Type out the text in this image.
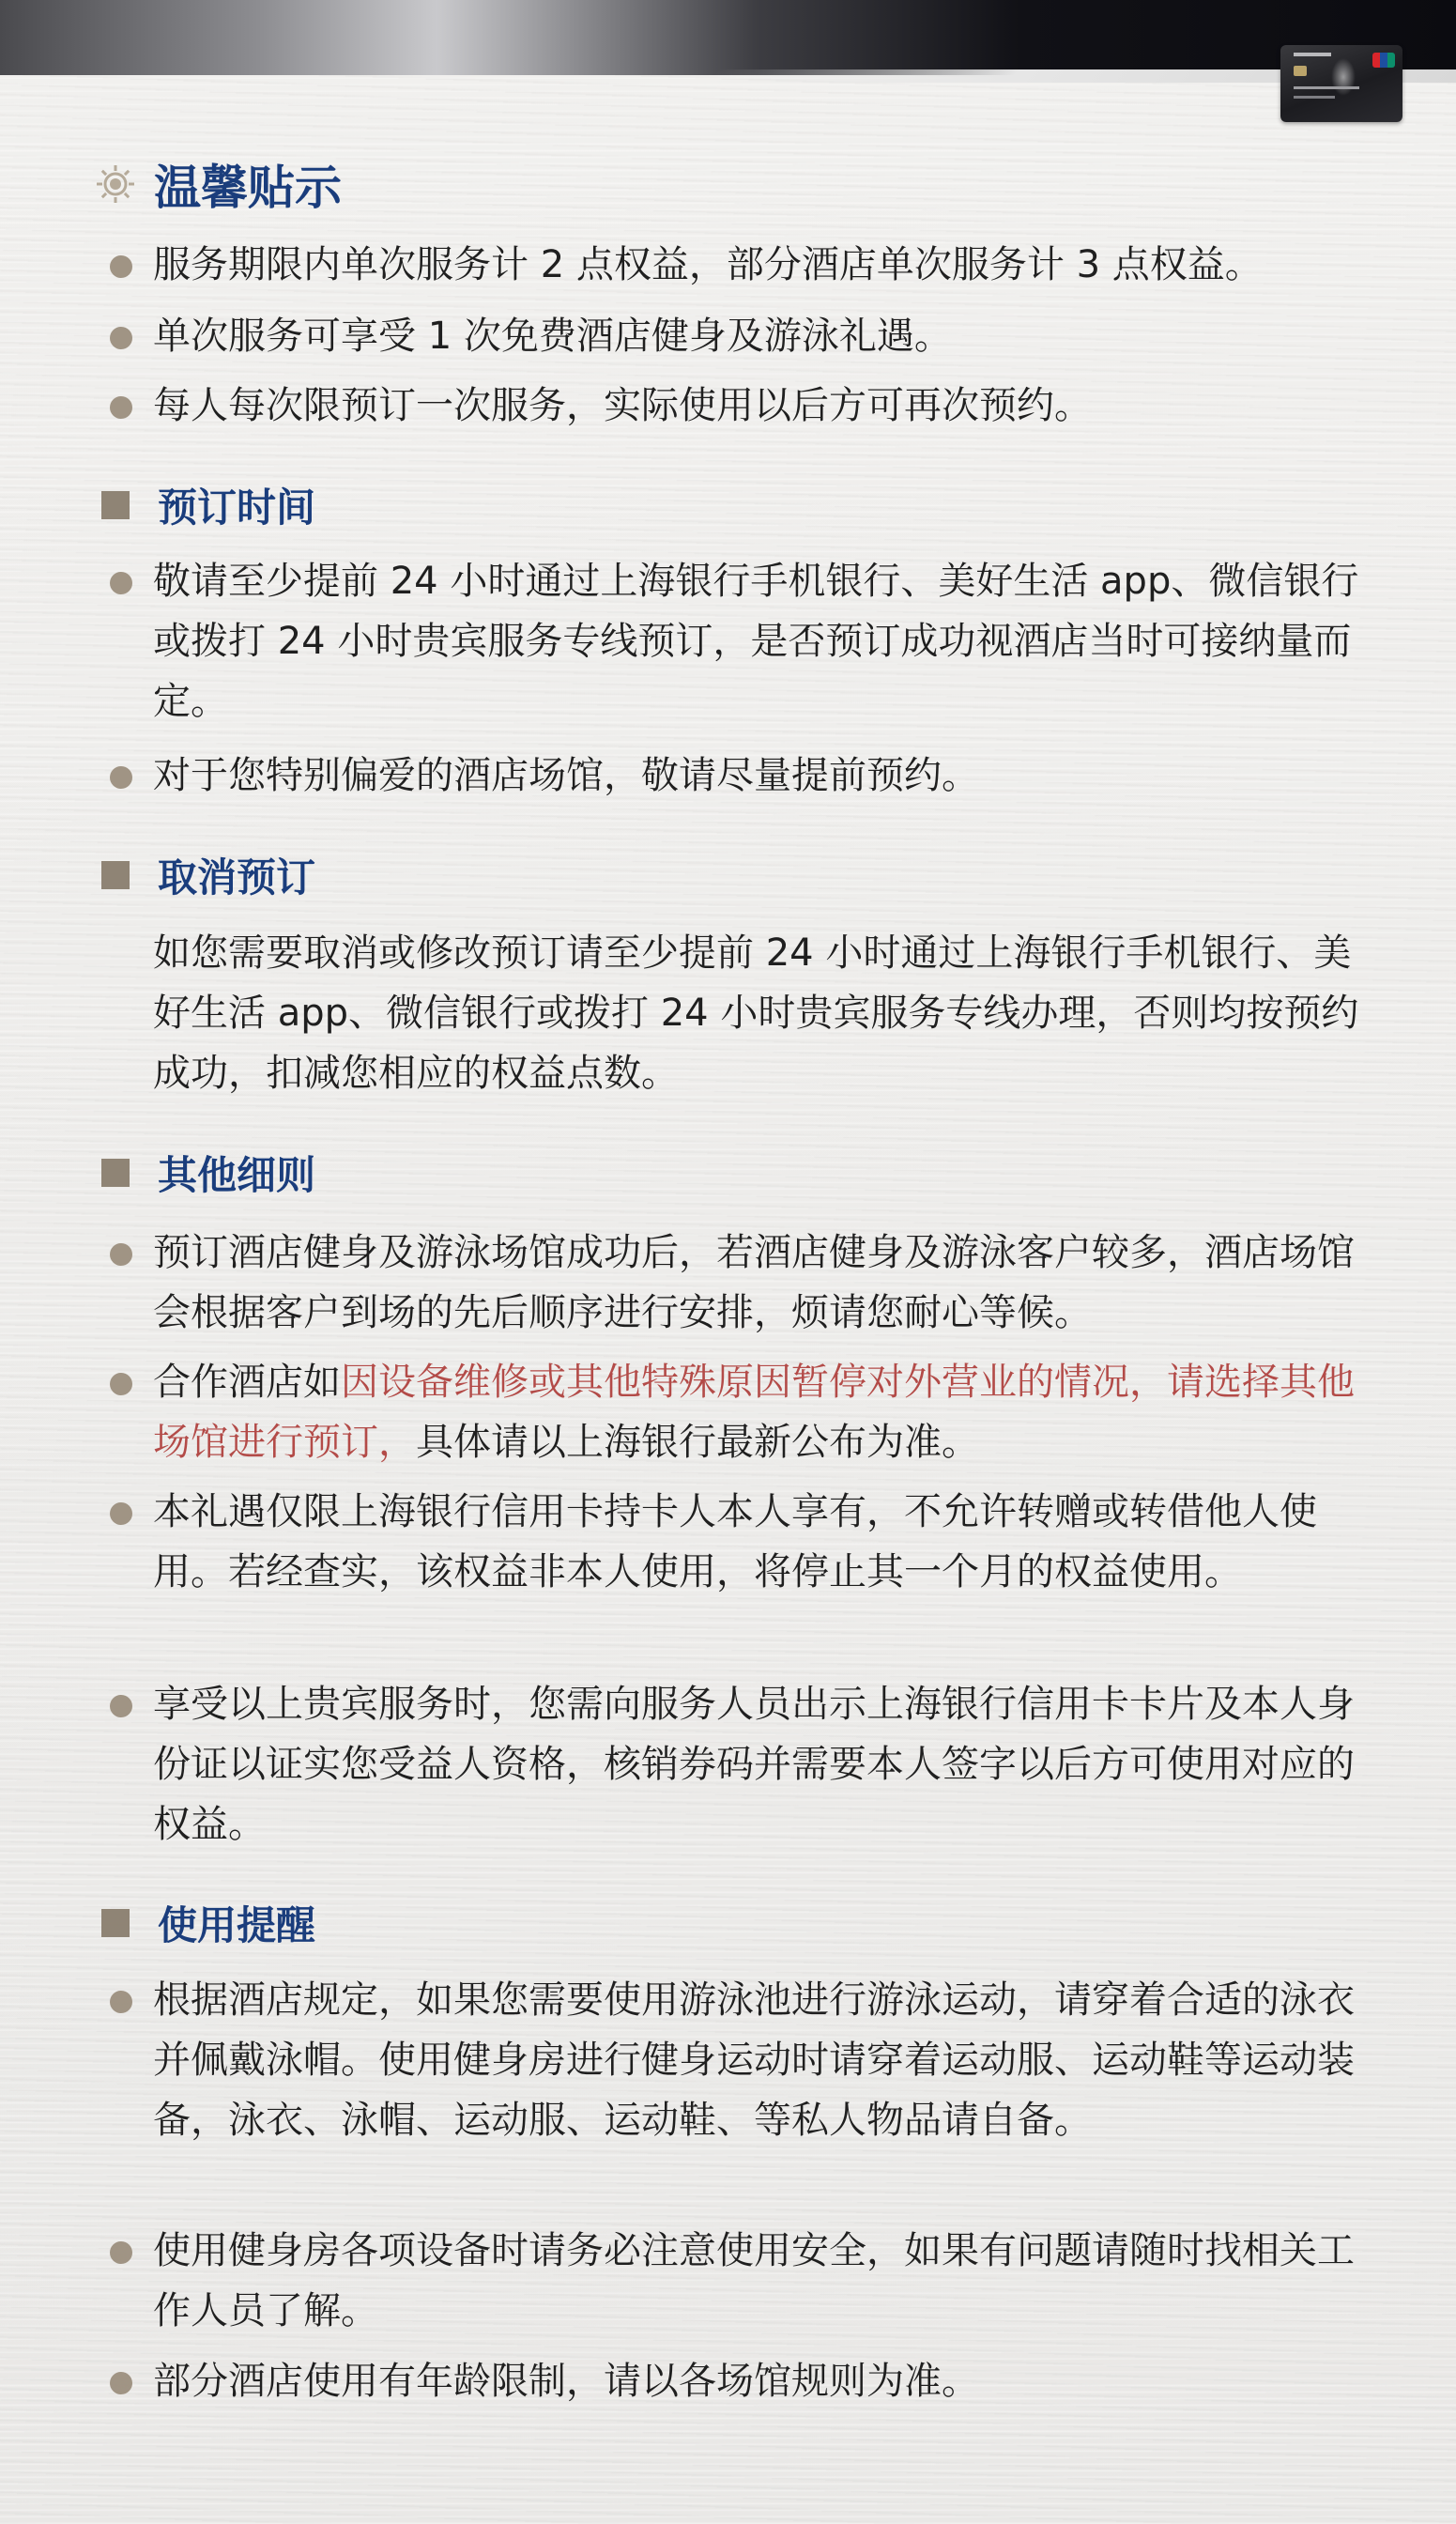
温馨贴示
服务期限内单次服务计 2 点权益，部分酒店单次服务计 3 点权益。
单次服务可享受 1 次免费酒店健身及游泳礼遇。
每人每次限预订一次服务，实际使用以后方可再次预约。
预订时间
敬请至少提前 24 小时通过上海银行手机银行、美好生活 app、微信银行或拨打 24 小时贵宾服务专线预订，是否预订成功视酒店当时可接纳量而定。
对于您特别偏爱的酒店场馆，敬请尽量提前预约。
取消预订
如您需要取消或修改预订请至少提前 24 小时通过上海银行手机银行、美好生活 app、微信银行或拨打 24 小时贵宾服务专线办理，否则均按预约成功，扣减您相应的权益点数。
其他细则
预订酒店健身及游泳场馆成功后，若酒店健身及游泳客户较多，酒店场馆会根据客户到场的先后顺序进行安排，烦请您耐心等候。
合作酒店如因设备维修或其他特殊原因暂停对外营业的情况，请选择其他场馆进行预订，具体请以上海银行最新公布为准。
本礼遇仅限上海银行信用卡持卡人本人享有，不允许转赠或转借他人使用。若经查实，该权益非本人使用，将停止其一个月的权益使用。
享受以上贵宾服务时，您需向服务人员出示上海银行信用卡卡片及本人身份证以证实您受益人资格，核销券码并需要本人签字以后方可使用对应的权益。
使用提醒
根据酒店规定，如果您需要使用游泳池进行游泳运动，请穿着合适的泳衣并佩戴泳帽。使用健身房进行健身运动时请穿着运动服、运动鞋等运动装备，泳衣、泳帽、运动服、运动鞋、等私人物品请自备。
使用健身房各项设备时请务必注意使用安全，如果有问题请随时找相关工作人员了解。
部分酒店使用有年龄限制，请以各场馆规则为准。
